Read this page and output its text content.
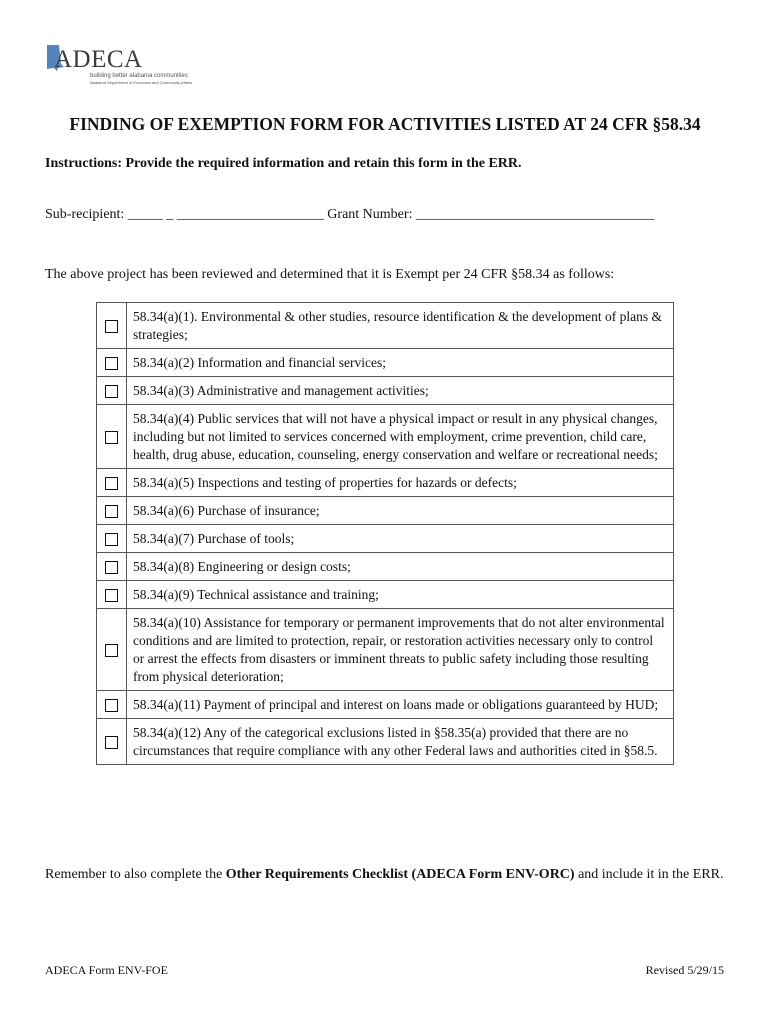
ADECA
building better alabama communities
Alabama Department of Economic and Community Affairs
FINDING OF EXEMPTION FORM FOR ACTIVITIES LISTED AT 24 CFR §58.34
Instructions: Provide the required information and retain this form in the ERR.
Sub-recipient: _____ _ _____________________ Grant Number: __________________________________
The above project has been reviewed and determined that it is Exempt per 24 CFR §58.34 as follows:
	58.34(a)(1). Environmental & other studies, resource identification & the development of plans & strategies;
	58.34(a)(2) Information and financial services;
	58.34(a)(3) Administrative and management activities;
	58.34(a)(4) Public services that will not have a physical impact or result in any physical changes, including but not limited to services concerned with employment, crime prevention, child care, health, drug abuse, education, counseling, energy conservation and welfare or recreational needs;
	58.34(a)(5) Inspections and testing of properties for hazards or defects;
	58.34(a)(6) Purchase of insurance;
	58.34(a)(7) Purchase of tools;
	58.34(a)(8) Engineering or design costs;
	58.34(a)(9) Technical assistance and training;
	58.34(a)(10) Assistance for temporary or permanent improvements that do not alter environmental conditions and are limited to protection, repair, or restoration activities necessary only to control or arrest the effects from disasters or imminent threats to public safety including those resulting from physical deterioration;
	58.34(a)(11) Payment of principal and interest on loans made or obligations guaranteed by HUD;
	58.34(a)(12) Any of the categorical exclusions listed in §58.35(a) provided that there are no circumstances that require compliance with any other Federal laws and authorities cited in §58.5.
Remember to also complete the Other Requirements Checklist (ADECA Form ENV-ORC) and include it in the ERR.
ADECA Form ENV-FOE	Revised 5/29/15
